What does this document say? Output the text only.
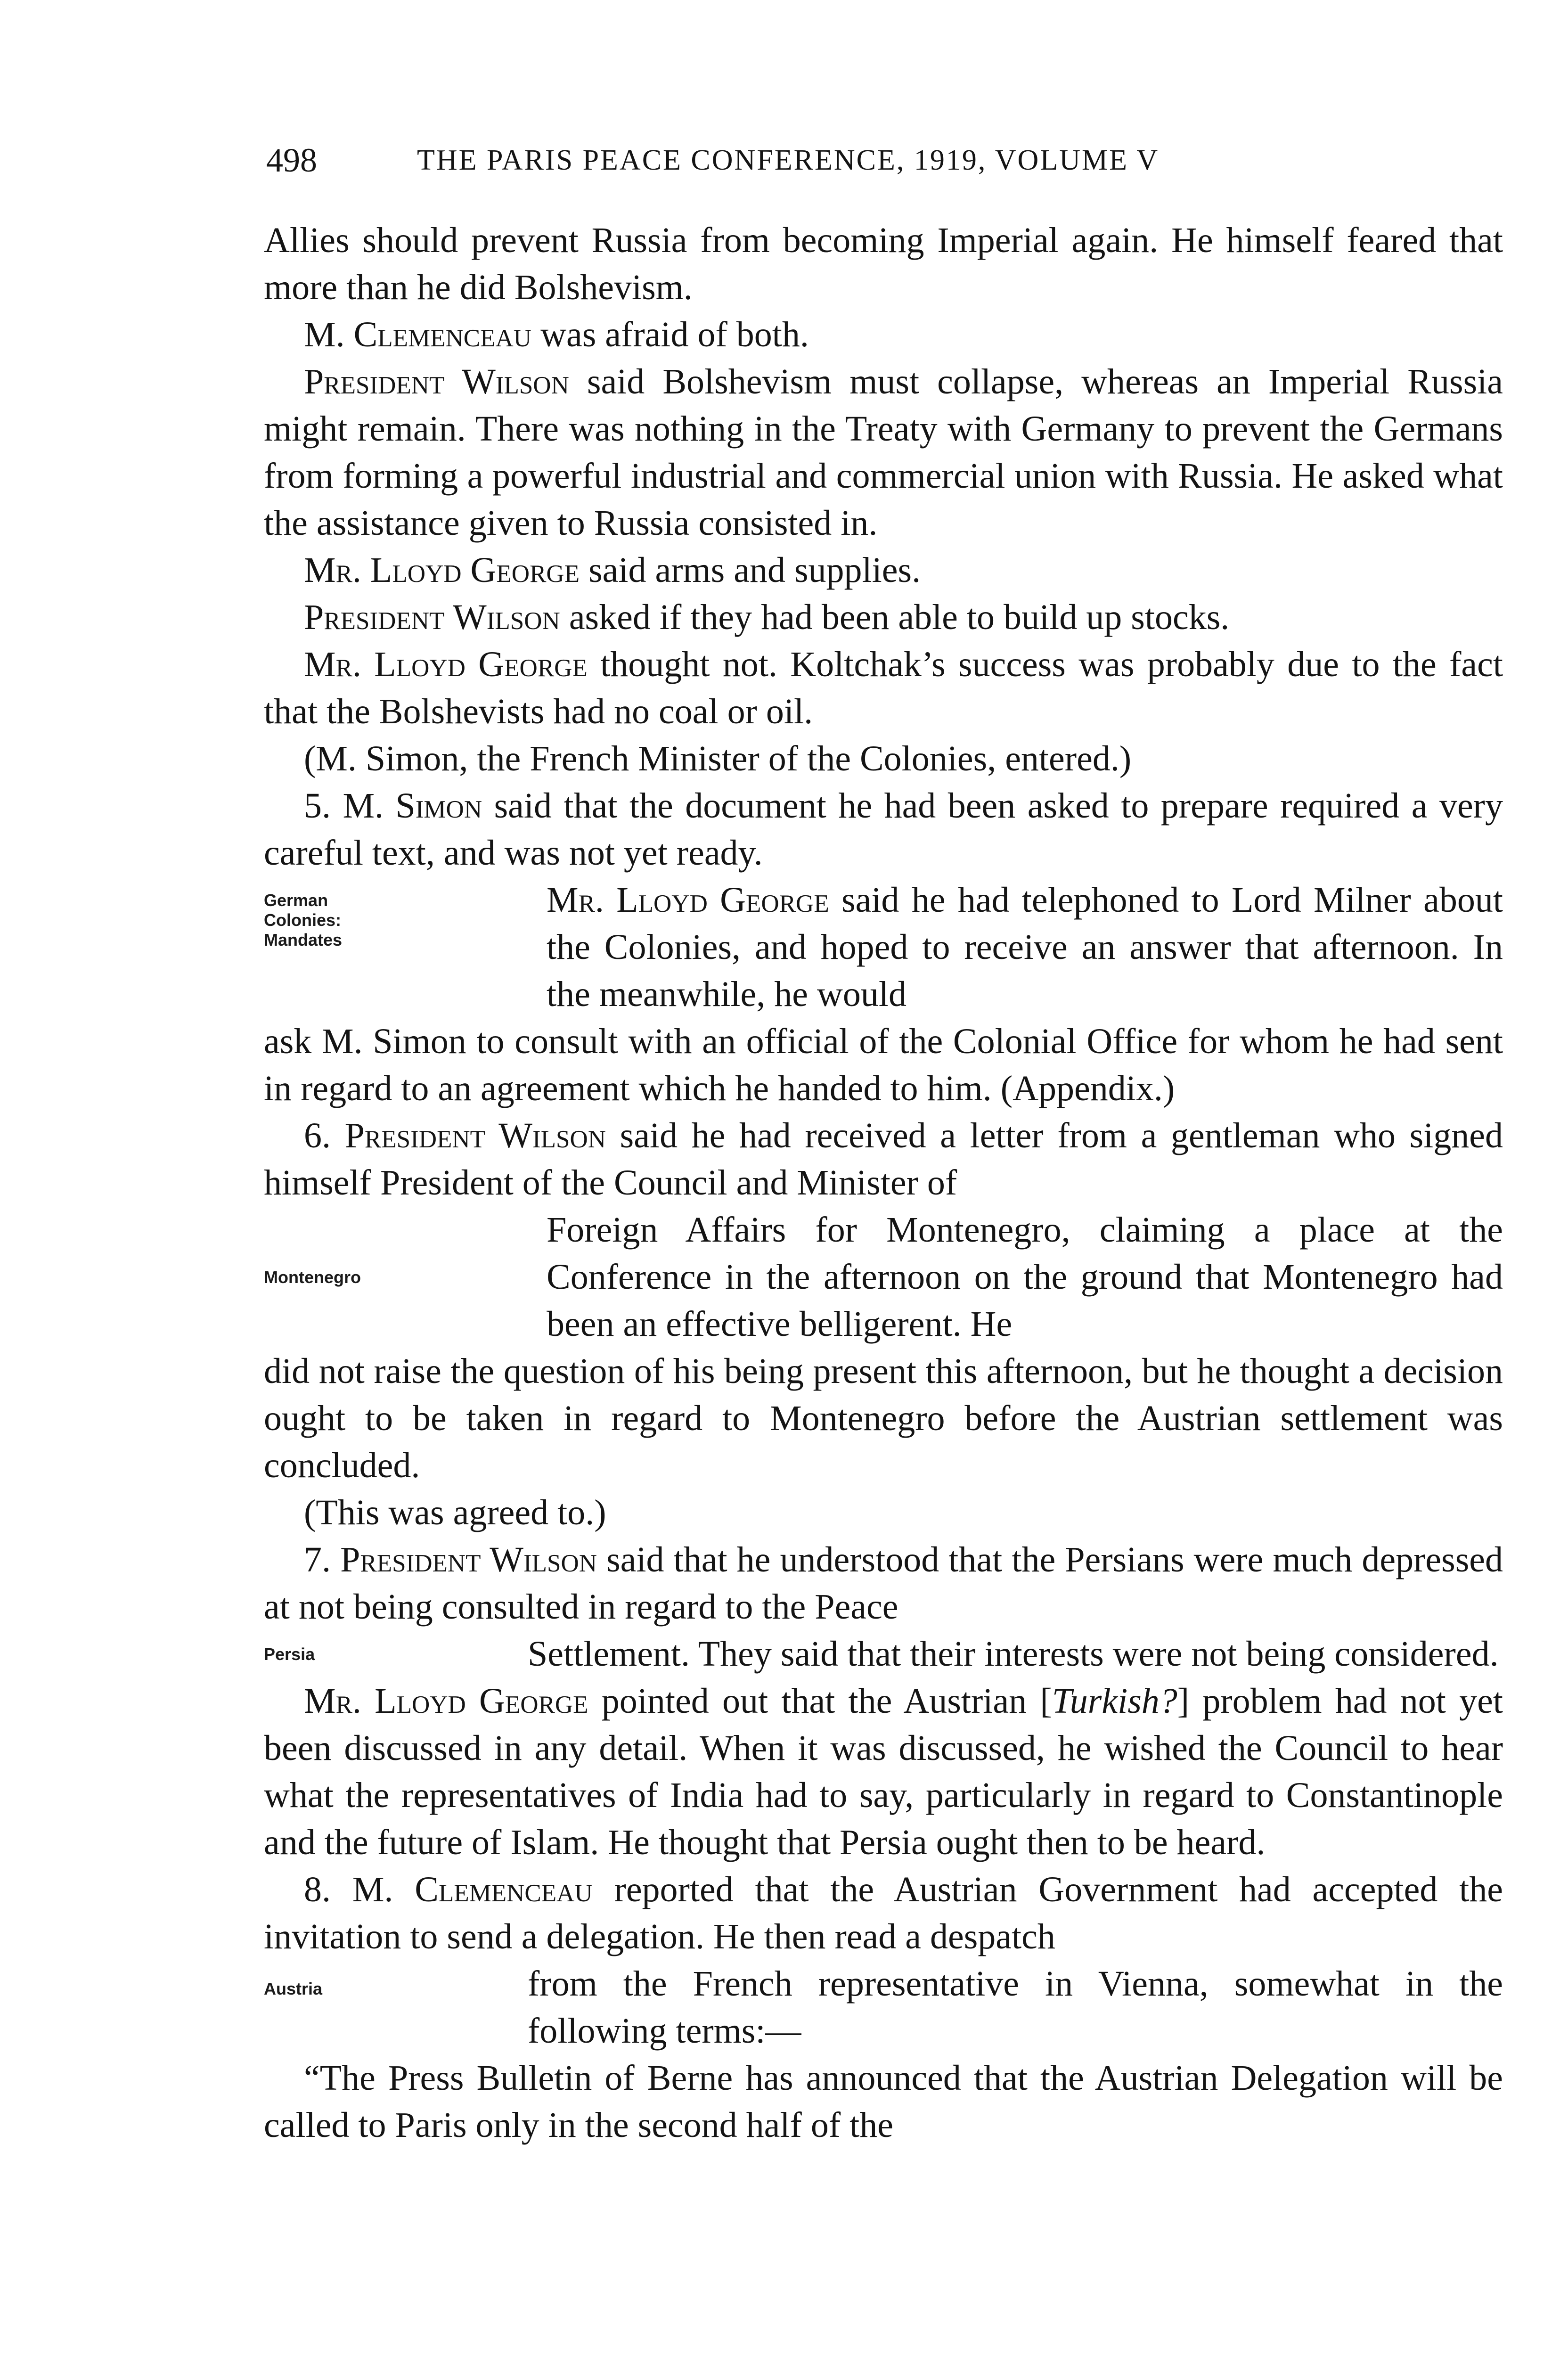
498	THE PARIS PEACE CONFERENCE, 1919, VOLUME V

Allies should prevent Russia from becoming Imperial again. He himself feared that more than he did Bolshevism.

M. Clemenceau was afraid of both.

President Wilson said Bolshevism must collapse, whereas an Imperial Russia might remain. There was nothing in the Treaty with Germany to prevent the Germans from forming a powerful industrial and commercial union with Russia. He asked what the assistance given to Russia consisted in.

Mr. Lloyd George said arms and supplies.

President Wilson asked if they had been able to build up stocks.

Mr. Lloyd George thought not. Koltchak’s success was probably due to the fact that the Bolshevists had no coal or oil.

(M. Simon, the French Minister of the Colonies, entered.)

5. M. Simon said that the document he had been asked to prepare required a very careful text, and was not yet ready.

German
Colonies:
Mandates

Mr. Lloyd George said he had telephoned to Lord Milner about the Colonies, and hoped to receive an answer that afternoon. In the meanwhile, he would

ask M. Simon to consult with an official of the Colonial Office for whom he had sent in regard to an agreement which he handed to him. (Appendix.)

6. President Wilson said he had received a letter from a gentleman who signed himself President of the Council and Minister of

Montenegro

Foreign Affairs for Montenegro, claiming a place at the Conference in the afternoon on the ground that Montenegro had been an effective belligerent. He

did not raise the question of his being present this afternoon, but he thought a decision ought to be taken in regard to Montenegro before the Austrian settlement was concluded.

(This was agreed to.)

7. President Wilson said that he understood that the Persians were much depressed at not being consulted in regard to the Peace

Persia	Settlement. They said that their interests were not being considered.

Mr. Lloyd George pointed out that the Austrian [Turkish?] problem had not yet been discussed in any detail. When it was discussed, he wished the Council to hear what the representatives of India had to say, particularly in regard to Constantinople and the future of Islam. He thought that Persia ought then to be heard.

8. M. Clemenceau reported that the Austrian Government had accepted the invitation to send a delegation. He then read a despatch

Austria	from the French representative in Vienna, somewhat in the following terms:—

“The Press Bulletin of Berne has announced that the Austrian Delegation will be called to Paris only in the second half of the
